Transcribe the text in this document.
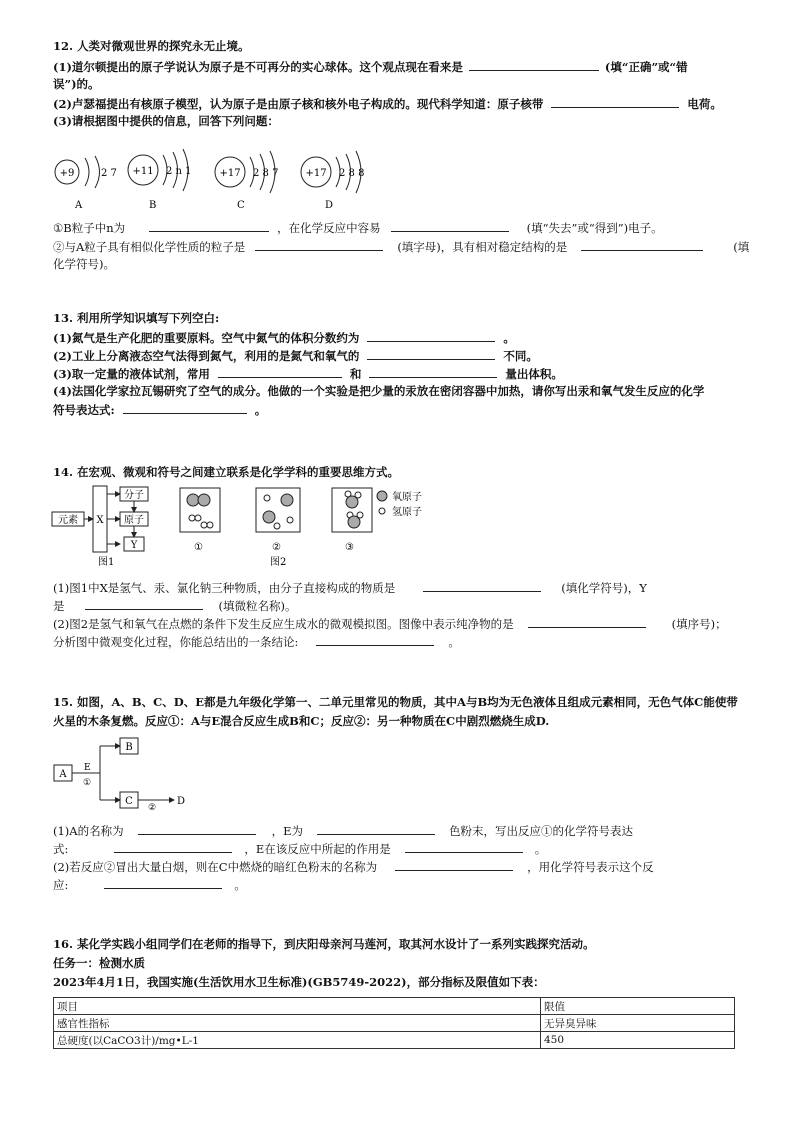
12. 人类对微观世界的探究永无止境。
(1)道尔顿提出的原子学说认为原子是不可再分的实心球体。这个观点现在看来是	(填“正确”或“错
误”)的。
(2)卢瑟福提出有核原子模型，认为原子是由原子核和核外电子构成的。现代科学知道：原子核带	电荷。
(3)请根据图中提供的信息，回答下列问题：
+9	2 7
A
+11 2 n 1
B
+17 2 8 7
C
+17 2 8 8
D
①B粒子中n为	，在化学反应中容易	(填“失去”或“得到”)电子。
②与A粒子具有相似化学性质的粒子是	(填字母)，具有相对稳定结构的是	(填
化学符号)。
13. 利用所学知识填写下列空白:
(1)氮气是生产化肥的重要原料。空气中氮气的体积分数约为	。
(2)工业上分离液态空气法得到氮气，利用的是氮气和氧气的	不同。
(3)取一定量的液体试剂，常用	和	量出体积。
(4)法国化学家拉瓦锡研究了空气的成分。他做的一个实验是把少量的汞放在密闭容器中加热，请你写出汞和氧气发生反应的化学
符号表达式:	。
14. 在宏观、微观和符号之间建立联系是化学学科的重要思维方式。
元素 X
分子
原子
Y
图1
①	②	③
图2
氧原子
氢原子
(1)图1中X是氢气、汞、氯化钠三种物质，由分子直接构成的物质是	(填化学符号)，Y
是	(填微粒名称)。
(2)图2是氢气和氧气在点燃的条件下发生反应生成水的微观模拟图。图像中表示纯净物的是	(填序号)；
分析图中微观变化过程，你能总结出的一条结论:	。
15. 如图，A、B、C、D、E都是九年级化学第一、二单元里常见的物质，其中A与B均为无色液体且组成元素相同，无色气体C能使带
火星的木条复燃。反应①：A与E混合反应生成B和C；反应②：另一种物质在C中剧烈燃烧生成D.
A
E
①
B
C
②
D
(1)A的名称为	，E为	色粉末，写出反应①的化学符号表达
式:	，E在该反应中所起的作用是	。
(2)若反应②冒出大量白烟，则在C中燃烧的暗红色粉末的名称为	，用化学符号表示这个反
应:	。
16. 某化学实践小组同学们在老师的指导下，到庆阳母亲河马莲河，取其河水设计了一系列实践探究活动。
任务一：检测水质
2023年4月1日，我国实施(生活饮用水卫生标准)(GB5749-2022)，部分指标及限值如下表：
项目	限值
感官性指标	无异臭异味
总硬度(以CaCO3计)/mg•L-1	450
